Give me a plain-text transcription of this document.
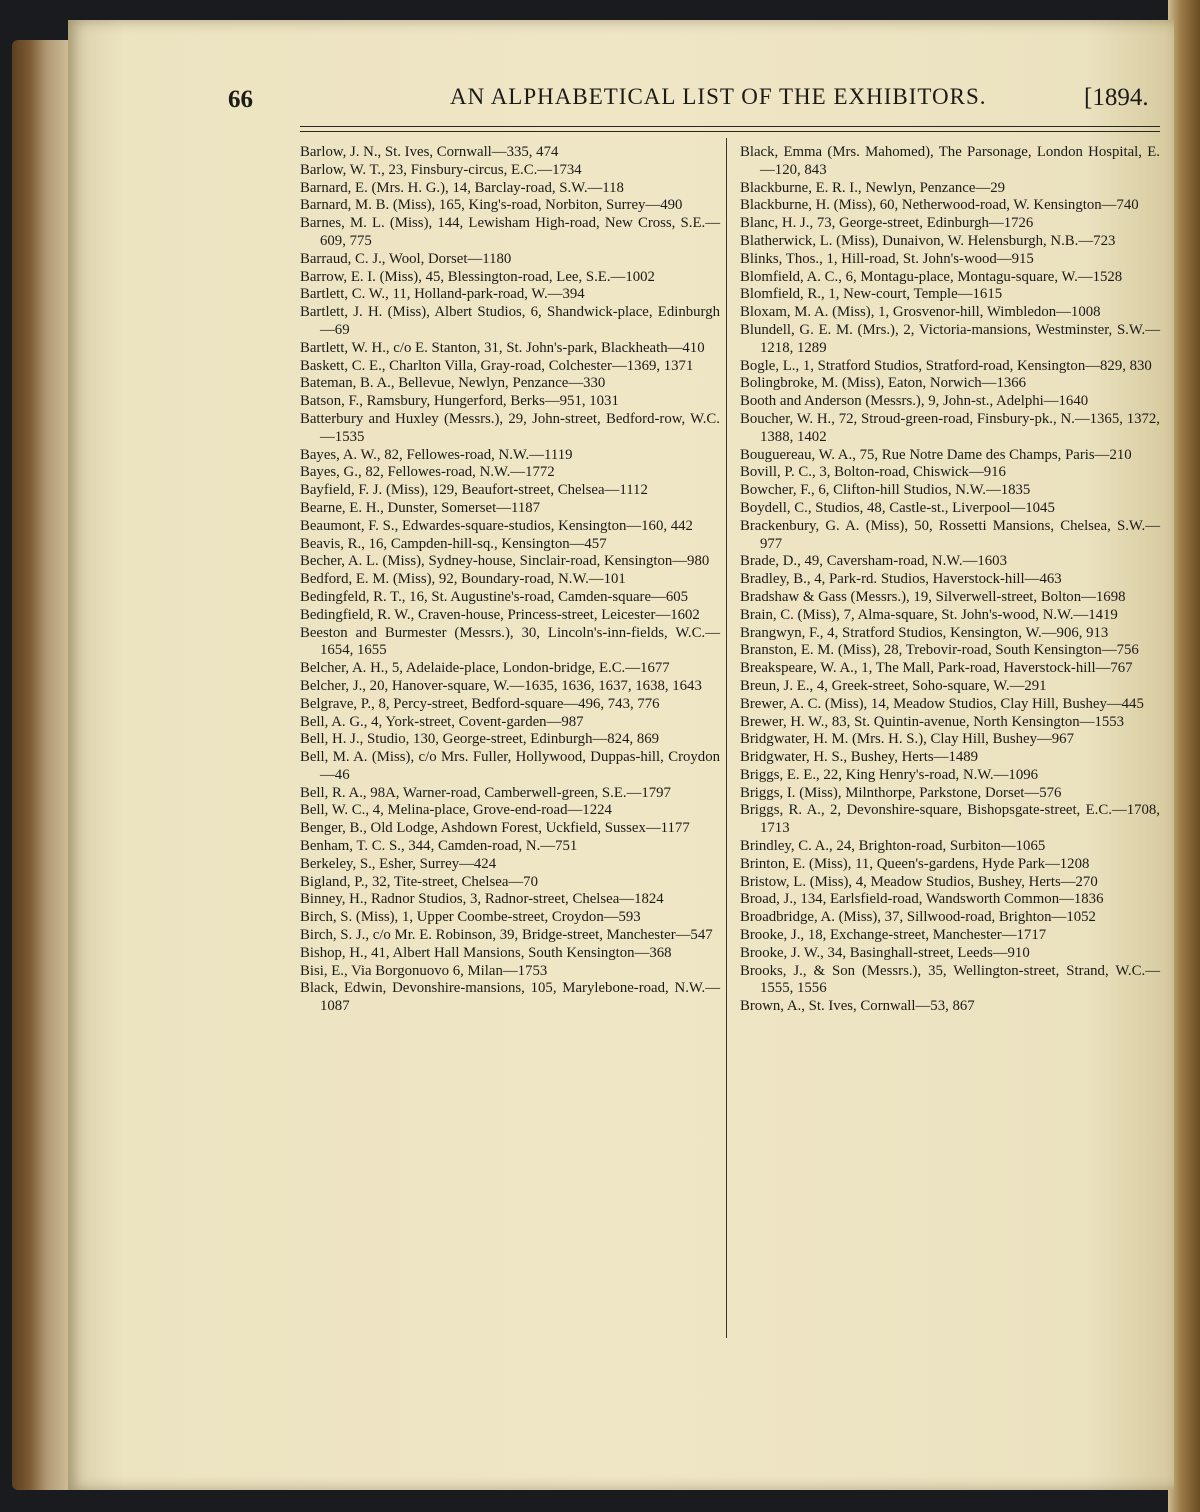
66	AN ALPHABETICAL LIST OF THE EXHIBITORS.	[1894.
Barlow, J. N., St. Ives, Cornwall—335, 474
Barlow, W. T., 23, Finsbury-circus, E.C.—1734
Barnard, E. (Mrs. H. G.), 14, Barclay-road, S.W.—118
Barnard, M. B. (Miss), 165, King's-road, Norbiton, Surrey—490
Barnes, M. L. (Miss), 144, Lewisham High-road, New Cross, S.E.—609, 775
Barraud, C. J., Wool, Dorset—1180
Barrow, E. I. (Miss), 45, Blessington-road, Lee, S.E.—1002
Bartlett, C. W., 11, Holland-park-road, W.—394
Bartlett, J. H. (Miss), Albert Studios, 6, Shandwick-place, Edinburgh—69
Bartlett, W. H., c/o E. Stanton, 31, St. John's-park, Blackheath—410
Baskett, C. E., Charlton Villa, Gray-road, Colchester—1369, 1371
Bateman, B. A., Bellevue, Newlyn, Penzance—330
Batson, F., Ramsbury, Hungerford, Berks—951, 1031
Batterbury and Huxley (Messrs.), 29, John-street, Bedford-row, W.C.—1535
Bayes, A. W., 82, Fellowes-road, N.W.—1119
Bayes, G., 82, Fellowes-road, N.W.—1772
Bayfield, F. J. (Miss), 129, Beaufort-street, Chelsea—1112
Bearne, E. H., Dunster, Somerset—1187
Beaumont, F. S., Edwardes-square-studios, Kensington—160, 442
Beavis, R., 16, Campden-hill-sq., Kensington—457
Becher, A. L. (Miss), Sydney-house, Sinclair-road, Kensington—980
Bedford, E. M. (Miss), 92, Boundary-road, N.W.—101
Bedingfeld, R. T., 16, St. Augustine's-road, Camden-square—605
Bedingfield, R. W., Craven-house, Princess-street, Leicester—1602
Beeston and Burmester (Messrs.), 30, Lincoln's-inn-fields, W.C.—1654, 1655
Belcher, A. H., 5, Adelaide-place, London-bridge, E.C.—1677
Belcher, J., 20, Hanover-square, W.—1635, 1636, 1637, 1638, 1643
Belgrave, P., 8, Percy-street, Bedford-square—496, 743, 776
Bell, A. G., 4, York-street, Covent-garden—987
Bell, H. J., Studio, 130, George-street, Edinburgh—824, 869
Bell, M. A. (Miss), c/o Mrs. Fuller, Hollywood, Duppas-hill, Croydon—46
Bell, R. A., 98A, Warner-road, Camberwell-green, S.E.—1797
Bell, W. C., 4, Melina-place, Grove-end-road—1224
Benger, B., Old Lodge, Ashdown Forest, Uckfield, Sussex—1177
Benham, T. C. S., 344, Camden-road, N.—751
Berkeley, S., Esher, Surrey—424
Bigland, P., 32, Tite-street, Chelsea—70
Binney, H., Radnor Studios, 3, Radnor-street, Chelsea—1824
Birch, S. (Miss), 1, Upper Coombe-street, Croydon—593
Birch, S. J., c/o Mr. E. Robinson, 39, Bridge-street, Manchester—547
Bishop, H., 41, Albert Hall Mansions, South Kensington—368
Bisi, E., Via Borgonuovo 6, Milan—1753
Black, Edwin, Devonshire-mansions, 105, Marylebone-road, N.W.—1087
Black, Emma (Mrs. Mahomed), The Parsonage, London Hospital, E.—120, 843
Blackburne, E. R. I., Newlyn, Penzance—29
Blackburne, H. (Miss), 60, Netherwood-road, W. Kensington—740
Blanc, H. J., 73, George-street, Edinburgh—1726
Blatherwick, L. (Miss), Dunaivon, W. Helensburgh, N.B.—723
Blinks, Thos., 1, Hill-road, St. John's-wood—915
Blomfield, A. C., 6, Montagu-place, Montagu-square, W.—1528
Blomfield, R., 1, New-court, Temple—1615
Bloxam, M. A. (Miss), 1, Grosvenor-hill, Wimbledon—1008
Blundell, G. E. M. (Mrs.), 2, Victoria-mansions, Westminster, S.W.—1218, 1289
Bogle, L., 1, Stratford Studios, Stratford-road, Kensington—829, 830
Bolingbroke, M. (Miss), Eaton, Norwich—1366
Booth and Anderson (Messrs.), 9, John-st., Adelphi—1640
Boucher, W. H., 72, Stroud-green-road, Finsbury-pk., N.—1365, 1372, 1388, 1402
Bouguereau, W. A., 75, Rue Notre Dame des Champs, Paris—210
Bovill, P. C., 3, Bolton-road, Chiswick—916
Bowcher, F., 6, Clifton-hill Studios, N.W.—1835
Boydell, C., Studios, 48, Castle-st., Liverpool—1045
Brackenbury, G. A. (Miss), 50, Rossetti Mansions, Chelsea, S.W.—977
Brade, D., 49, Caversham-road, N.W.—1603
Bradley, B., 4, Park-rd. Studios, Haverstock-hill—463
Bradshaw & Gass (Messrs.), 19, Silverwell-street, Bolton—1698
Brain, C. (Miss), 7, Alma-square, St. John's-wood, N.W.—1419
Brangwyn, F., 4, Stratford Studios, Kensington, W.—906, 913
Branston, E. M. (Miss), 28, Trebovir-road, South Kensington—756
Breakspeare, W. A., 1, The Mall, Park-road, Haverstock-hill—767
Breun, J. E., 4, Greek-street, Soho-square, W.—291
Brewer, A. C. (Miss), 14, Meadow Studios, Clay Hill, Bushey—445
Brewer, H. W., 83, St. Quintin-avenue, North Kensington—1553
Bridgwater, H. M. (Mrs. H. S.), Clay Hill, Bushey—967
Bridgwater, H. S., Bushey, Herts—1489
Briggs, E. E., 22, King Henry's-road, N.W.—1096
Briggs, I. (Miss), Milnthorpe, Parkstone, Dorset—576
Briggs, R. A., 2, Devonshire-square, Bishopsgate-street, E.C.—1708, 1713
Brindley, C. A., 24, Brighton-road, Surbiton—1065
Brinton, E. (Miss), 11, Queen's-gardens, Hyde Park—1208
Bristow, L. (Miss), 4, Meadow Studios, Bushey, Herts—270
Broad, J., 134, Earlsfield-road, Wandsworth Common—1836
Broadbridge, A. (Miss), 37, Sillwood-road, Brighton—1052
Brooke, J., 18, Exchange-street, Manchester—1717
Brooke, J. W., 34, Basinghall-street, Leeds—910
Brooks, J., & Son (Messrs.), 35, Wellington-street, Strand, W.C.—1555, 1556
Brown, A., St. Ives, Cornwall—53, 867
